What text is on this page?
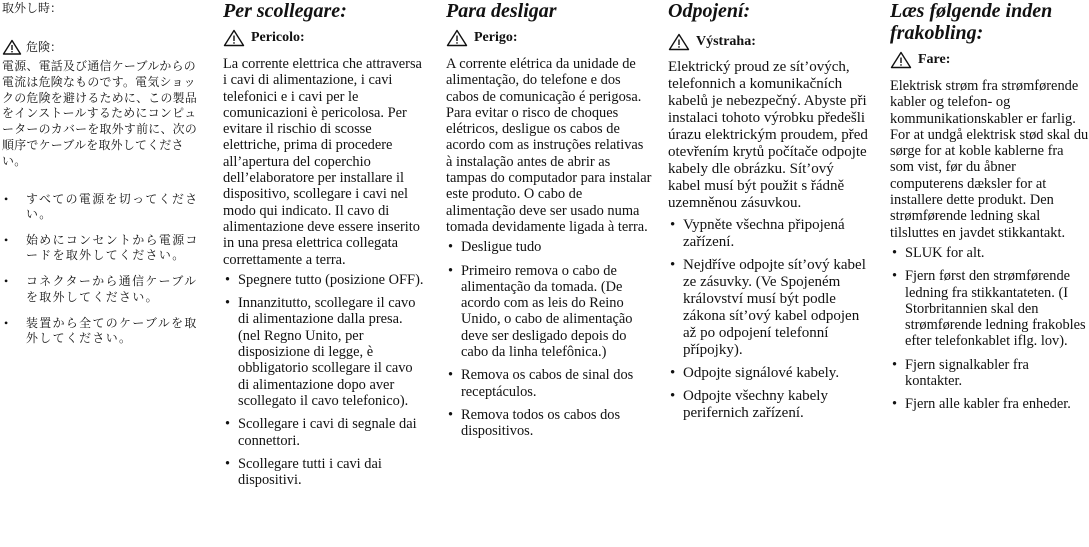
取外し時：

危険：

電源、電話及び通信ケーブルからの電流は危険なものです。電気ショックの危険を避けるために、この製品をインストールするためにコンピューターのカバーを取外す前に、次の順序でケーブルを取外してください。

• すべての電源を切ってください。
• 始めにコンセントから電源コードを取外してください。
• コネクターから通信ケーブルを取外してください。
• 装置から全てのケーブルを取外してください。

Per scollegare:

Pericolo:

La corrente elettrica che attraversa i cavi di alimentazione, i cavi telefonici e i cavi per le comunicazioni è pericolosa. Per evitare il rischio di scosse elettriche, prima di procedere all’apertura del coperchio dell’elaboratore per installare il dispositivo, scollegare i cavi nel modo qui indicato. Il cavo di alimentazione deve essere inserito in una presa elettrica collegata correttamente a terra.

• Spegnere tutto (posizione OFF).
• Innanzitutto, scollegare il cavo di alimentazione dalla presa. (nel Regno Unito, per disposizione di legge, è obbligatorio scollegare il cavo di alimentazione dopo aver scollegato il cavo telefonico).
• Scollegare i cavi di segnale dai connettori.
• Scollegare tutti i cavi dai dispositivi.

Para desligar

Perigo:

A corrente elétrica da unidade de alimentação, do telefone e dos cabos de comunicação é perigosa. Para evitar o risco de choques elétricos, desligue os cabos de acordo com as instruções relativas à instalação antes de abrir as tampas do computador para instalar este produto. O cabo de alimentação deve ser usado numa tomada devidamente ligada à terra.

• Desligue tudo
• Primeiro remova o cabo de alimentação da tomada. (De acordo com as leis do Reino Unido, o cabo de alimentação deve ser desligado depois do cabo da linha telefônica.)
• Remova os cabos de sinal dos receptáculos.
• Remova todos os cabos dos dispositivos.

Odpojení:

Výstraha:

Elektrický proud ze sít’ových, telefonnich a komunikačních kabelů je nebezpečný. Abyste při instalaci tohoto výrobku předešli úrazu elektrickým proudem, před otevřením krytů počítače odpojte kabely dle obrázku. Sít’ový kabel musí být použit s řádně uzemněnou zásuvkou.

• Vypněte všechna připojená zařízení.
• Nejdříve odpojte sít’ový kabel ze zásuvky. (Ve Spojeném království musí být podle zákona sít’ový kabel odpojen až po odpojení telefonní přípojky).
• Odpojte signálové kabely.
• Odpojte všechny kabely perifernich zařízení.

Læs følgende inden frakobling:

Fare:

Elektrisk strøm fra strømførende kabler og telefon- og kommunikationskabler er farlig. For at undgå elektrisk stød skal du sørge for at koble kablerne fra som vist, før du åbner computerens dæksler for at installere dette produkt. Den strømførende ledning skal tilsluttes en javdet stikkantakt.

• SLUK for alt.
• Fjern først den strømførende ledning fra stikkantateten. (I Storbritannien skal den strømførende ledning frakobles efter telefonkablet iflg. lov).
• Fjern signalkabler fra kontakter.
• Fjern alle kabler fra enheder.
